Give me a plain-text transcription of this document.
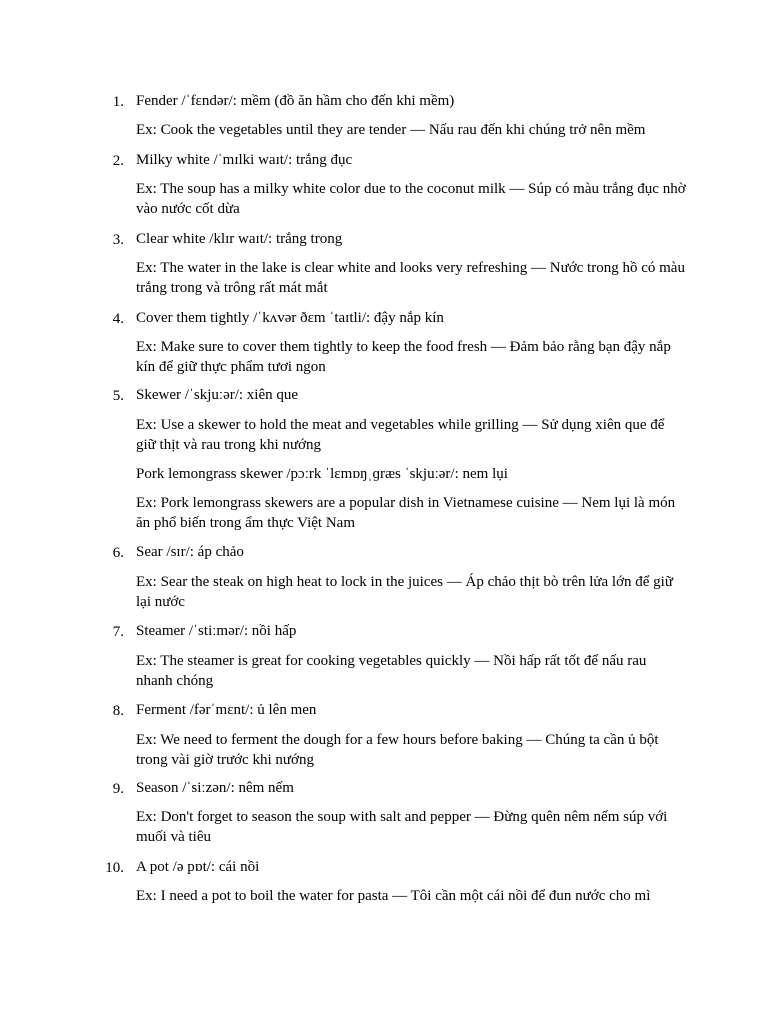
1. Fender /ˈfɛndər/: mềm (đồ ăn hầm cho đến khi mềm)
Ex: Cook the vegetables until they are tender — Nấu rau đến khi chúng trở nên mềm
2. Milky white /ˈmɪlki waɪt/: trắng đục
Ex: The soup has a milky white color due to the coconut milk — Súp có màu trắng đục nhờ vào nước cốt dừa
3. Clear white /klɪr waɪt/: trắng trong
Ex: The water in the lake is clear white and looks very refreshing — Nước trong hồ có màu trắng trong và trông rất mát mắt
4. Cover them tightly /ˈkʌvər ðɛm ˈtaɪtli/: đậy nắp kín
Ex: Make sure to cover them tightly to keep the food fresh — Đảm bảo rằng bạn đậy nắp kín để giữ thực phẩm tươi ngon
5. Skewer /ˈskjuːər/: xiên que
Ex: Use a skewer to hold the meat and vegetables while grilling — Sử dụng xiên que để giữ thịt và rau trong khi nướng
Pork lemongrass skewer /pɔːrk ˈlɛmɒŋˌɡræs ˈskjuːər/: nem lụi
Ex: Pork lemongrass skewers are a popular dish in Vietnamese cuisine — Nem lụi là món ăn phổ biến trong ẩm thực Việt Nam
6. Sear /sɪr/: áp chảo
Ex: Sear the steak on high heat to lock in the juices — Áp chảo thịt bò trên lửa lớn để giữ lại nước
7. Steamer /ˈstiːmər/: nồi hấp
Ex: The steamer is great for cooking vegetables quickly — Nồi hấp rất tốt để nấu rau nhanh chóng
8. Ferment /fərˈmɛnt/: ủ lên men
Ex: We need to ferment the dough for a few hours before baking — Chúng ta cần ủ bột trong vài giờ trước khi nướng
9. Season /ˈsiːzən/: nêm nếm
Ex: Don't forget to season the soup with salt and pepper — Đừng quên nêm nếm súp với muối và tiêu
10. A pot /ə pɒt/: cái nồi
Ex: I need a pot to boil the water for pasta — Tôi cần một cái nồi để đun nước cho mì
